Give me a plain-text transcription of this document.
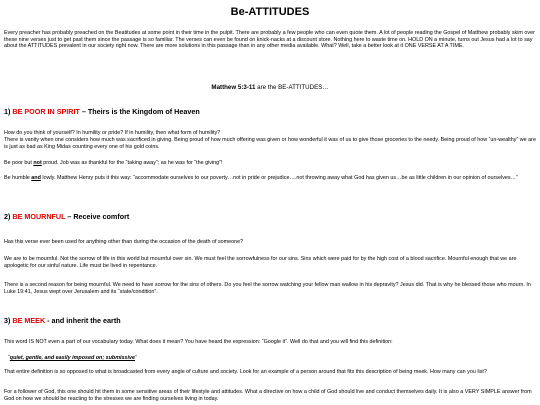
Be-ATTITUDES

Every preacher has probably preached on the Beatitudes at some point in their time in the pulpit. There are probably a few people who can even quote them. A lot of people reading the Gospel of Matthew probably skim over these nine verses just to get past them since the passage is so familiar. The verses can even be found on knick-nacks at a discount store. Nothing here to waste time on. HOLD ON a minute, turns out Jesus had a lot to say about the ATTITUDES prevalent in our society right now. There are more solutions in this passage than in any other media available. What? Well, take a better look at it ONE VERSE AT A TIME.

Matthew 5:3-11 are the BE-ATTITUDES…

1) BE POOR IN SPIRIT – Theirs is the Kingdom of Heaven

How do you think of yourself? In humility or pride? If in humility, then what form of humility?

There is vanity when one considers how much was sacrificed in giving. Being proud of how much offering was given or how wonderful it was of us to give those groceries to the needy. Being proud of how “un-wealthy” we are is just as bad as King Midas counting every one of his gold coins.

Be poor but not proud. Job was as thankful for the “taking away”; as he was for “the giving”!

Be humble and lowly. Matthew Henry puts it this way: “accommodate ourselves to our poverty…not in pride or prejudice….not throwing away what God has given us…be as little children in our opinion of ourselves…”

2) BE MOURNFUL – Receive comfort

Has this verse ever been used for anything other than during the occasion of the death of someone?

We are to be mournful. Not the sorrow of life in this world but mournful over sin. We must feel the sorrowfulness for our sins. Sins which were paid for by the high cost of a blood sacrifice. Mournful enough that we are apologetic for our sinful nature. Life must be lived in repentance.

There is a second reason for being mournful. We need to have sorrow for the sins of others. Do you feel the sorrow watching your fellow man wallow in his depravity? Jesus did. That is why he blessed those who mourn. In Luke 19:41, Jesus wept over Jerusalem and its “state/condition”.

3) BE MEEK - and inherit the earth

This word IS NOT even a part of our vocabulary today. What does it mean? You have heard the expression: “Google it”. Well do that and you will find this definition:

“quiet, gentle, and easily imposed on; submissive”

That entire definition is so opposed to what is broadcasted from every angle of culture and society. Look for an example of a person around that fits this description of being meek. How many can you list?

For a follower of God, this one should hit them in some sensitive areas of their lifestyle and attitudes. What a directive on how a child of God should live and conduct themselves daily. It is also a VERY SIMPLE answer from God on how we should be reacting to the stresses we are finding ourselves living in today.
